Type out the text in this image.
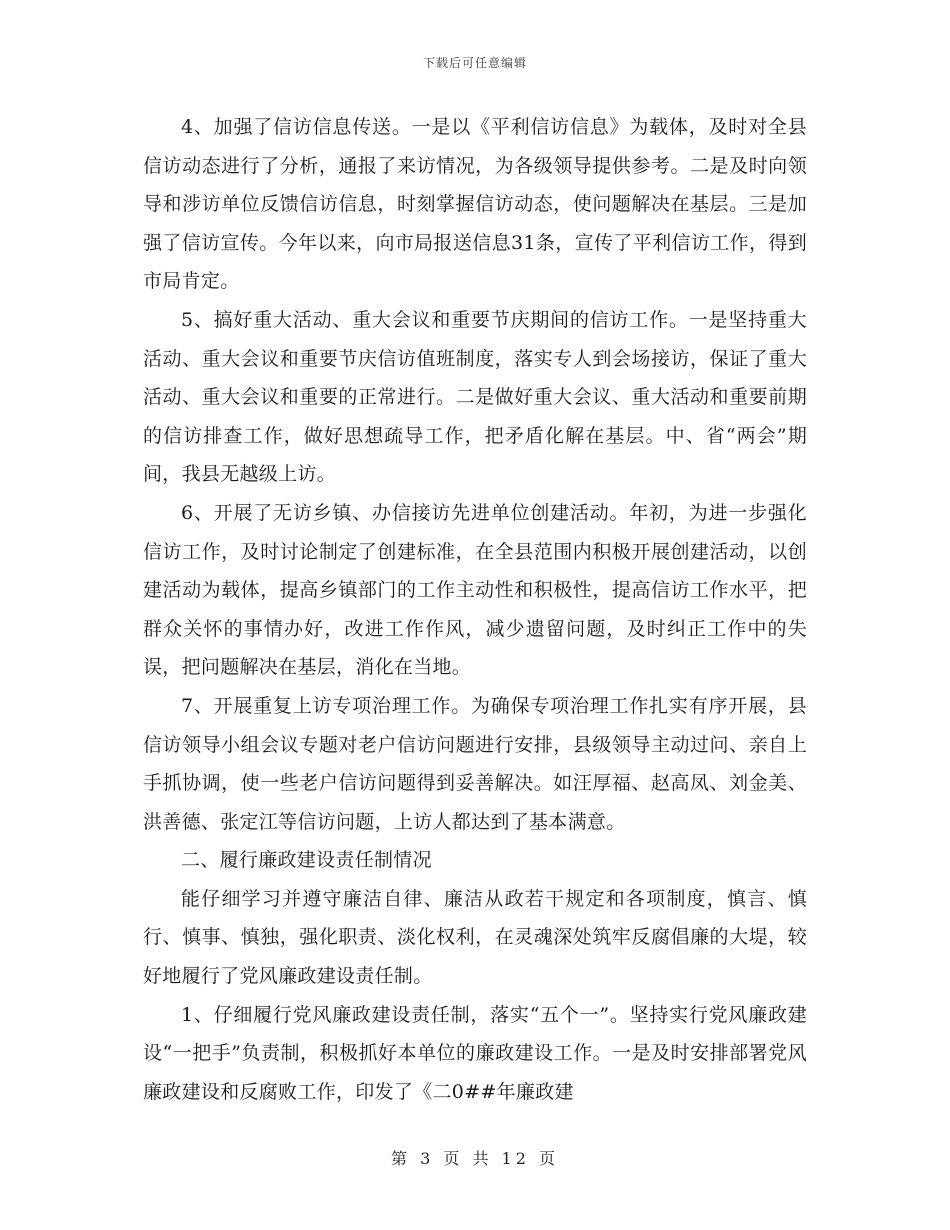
下载后可任意编辑

4、加强了信访信息传送。一是以《平利信访信息》为载体，及时对全县信访动态进行了分析，通报了来访情况，为各级领导提供参考。二是及时向领导和涉访单位反馈信访信息，时刻掌握信访动态，使问题解决在基层。三是加强了信访宣传。今年以来，向市局报送信息31条，宣传了平利信访工作，得到市局肯定。

5、搞好重大活动、重大会议和重要节庆期间的信访工作。一是坚持重大活动、重大会议和重要节庆信访值班制度，落实专人到会场接访，保证了重大活动、重大会议和重要的正常进行。二是做好重大会议、重大活动和重要前期的信访排查工作，做好思想疏导工作，把矛盾化解在基层。中、省“两会”期间，我县无越级上访。

6、开展了无访乡镇、办信接访先进单位创建活动。年初，为进一步强化信访工作，及时讨论制定了创建标准，在全县范围内积极开展创建活动，以创建活动为载体，提高乡镇部门的工作主动性和积极性，提高信访工作水平，把群众关怀的事情办好，改进工作作风，减少遗留问题，及时纠正工作中的失误，把问题解决在基层，消化在当地。

7、开展重复上访专项治理工作。为确保专项治理工作扎实有序开展，县信访领导小组会议专题对老户信访问题进行安排，县级领导主动过问、亲自上手抓协调，使一些老户信访问题得到妥善解决。如汪厚福、赵高凤、刘金美、洪善德、张定江等信访问题，上访人都达到了基本满意。

二、履行廉政建设责任制情况

能仔细学习并遵守廉洁自律、廉洁从政若干规定和各项制度，慎言、慎行、慎事、慎独，强化职责、淡化权利，在灵魂深处筑牢反腐倡廉的大堤，较好地履行了党风廉政建设责任制。

1、仔细履行党风廉政建设责任制，落实“五个一”。坚持实行党风廉政建设“一把手”负责制，积极抓好本单位的廉政建设工作。一是及时安排部署党风廉政建设和反腐败工作，印发了《二0##年廉政建

第 3 页 共 12 页
